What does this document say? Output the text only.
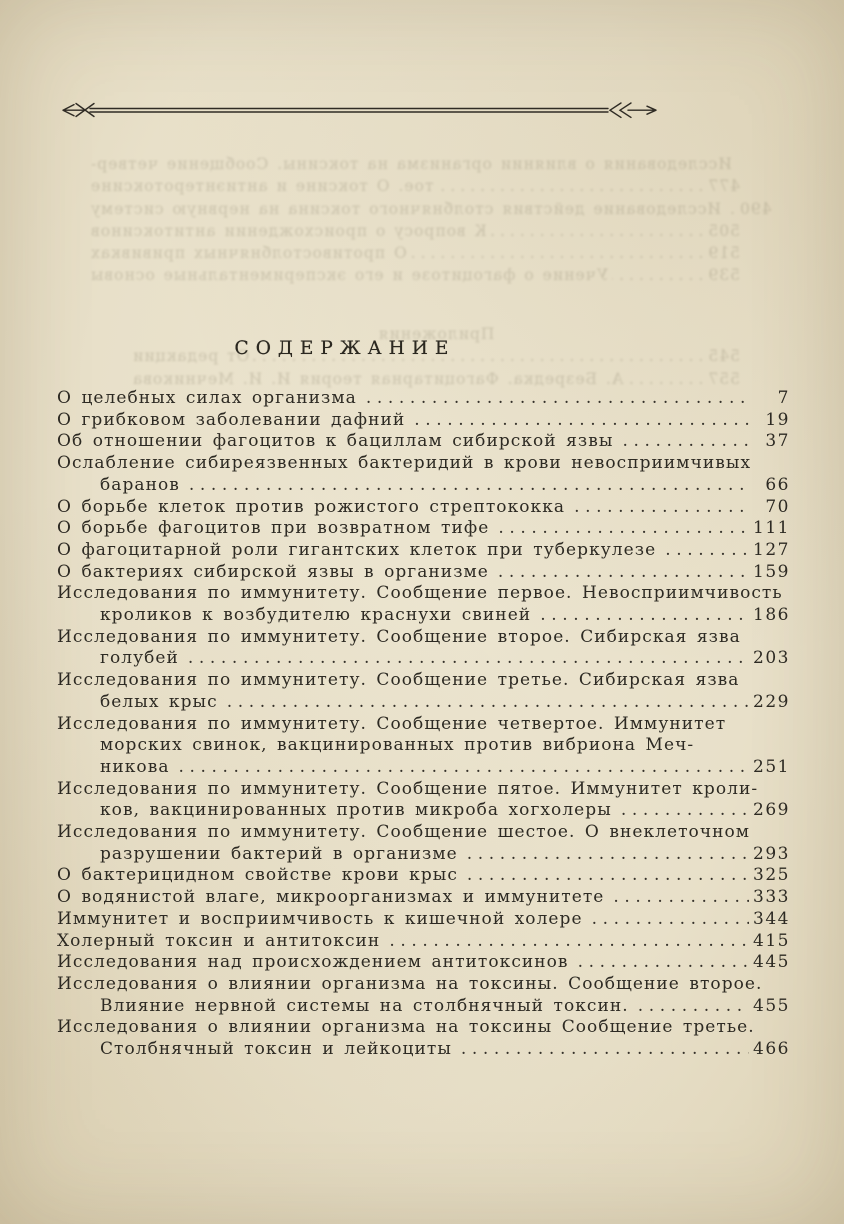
Исследования о влиянии организма на токсины. Сообщение четвер-
тое. О токсине и антиэнтеротоксине .....	477
Исследование действия столбнячного токсина на нервную систему ..... 490
К вопросу о происхождении антитоксинов .....	505
О противостолбнячных прививках .....	519
Учение о фагоцитозе и его экспериментальные основы .....	539
Приложения
От редакции .....	545
А. Безредка. Фагоцитарная теория И. И. Мечникова .....	557
СОДЕРЖАНИЕ
О целебных силах организма .....	7
О грибковом заболевании дафний .....	19
Об отношении фагоцитов к бациллам сибирской язвы .....	37
Ослабление сибиреязвенных бактеридий в крови невосприимчивых
баранов .....	66
О борьбе клеток против рожистого стрептококка .....	70
О борьбе фагоцитов при возвратном тифе .....	111
О фагоцитарной роли гигантских клеток при туберкулезе .....	127
О бактериях сибирской язвы в организме .....	159
Исследования по иммунитету. Сообщение первое. Невосприимчивость
кроликов к возбудителю краснухи свиней .....	186
Исследования по иммунитету. Сообщение второе. Сибирская язва
голубей .....	203
Исследования по иммунитету. Сообщение третье. Сибирская язва
белых крыс .....	229
Исследования по иммунитету. Сообщение четвертое. Иммунитет
морских свинок, вакцинированных против вибриона Меч-
никова .....	251
Исследования по иммунитету. Сообщение пятое. Иммунитет кроли-
ков, вакцинированных против микроба хогхолеры .....	269
Исследования по иммунитету. Сообщение шестое. О внеклеточном
разрушении бактерий в организме .....	293
О бактерицидном свойстве крови крыс .....	325
О водянистой влаге, микроорганизмах и иммунитете .....	333
Иммунитет и восприимчивость к кишечной холере .....	344
Холерный токсин и антитоксин .....	415
Исследования над происхождением антитоксинов .....	445
Исследования о влиянии организма на токсины. Сообщение второе.
Влияние нервной системы на столбнячный токсин. .....	455
Исследования о влиянии организма на токсины Сообщение третье.
Столбнячный токсин и лейкоциты .....	466
